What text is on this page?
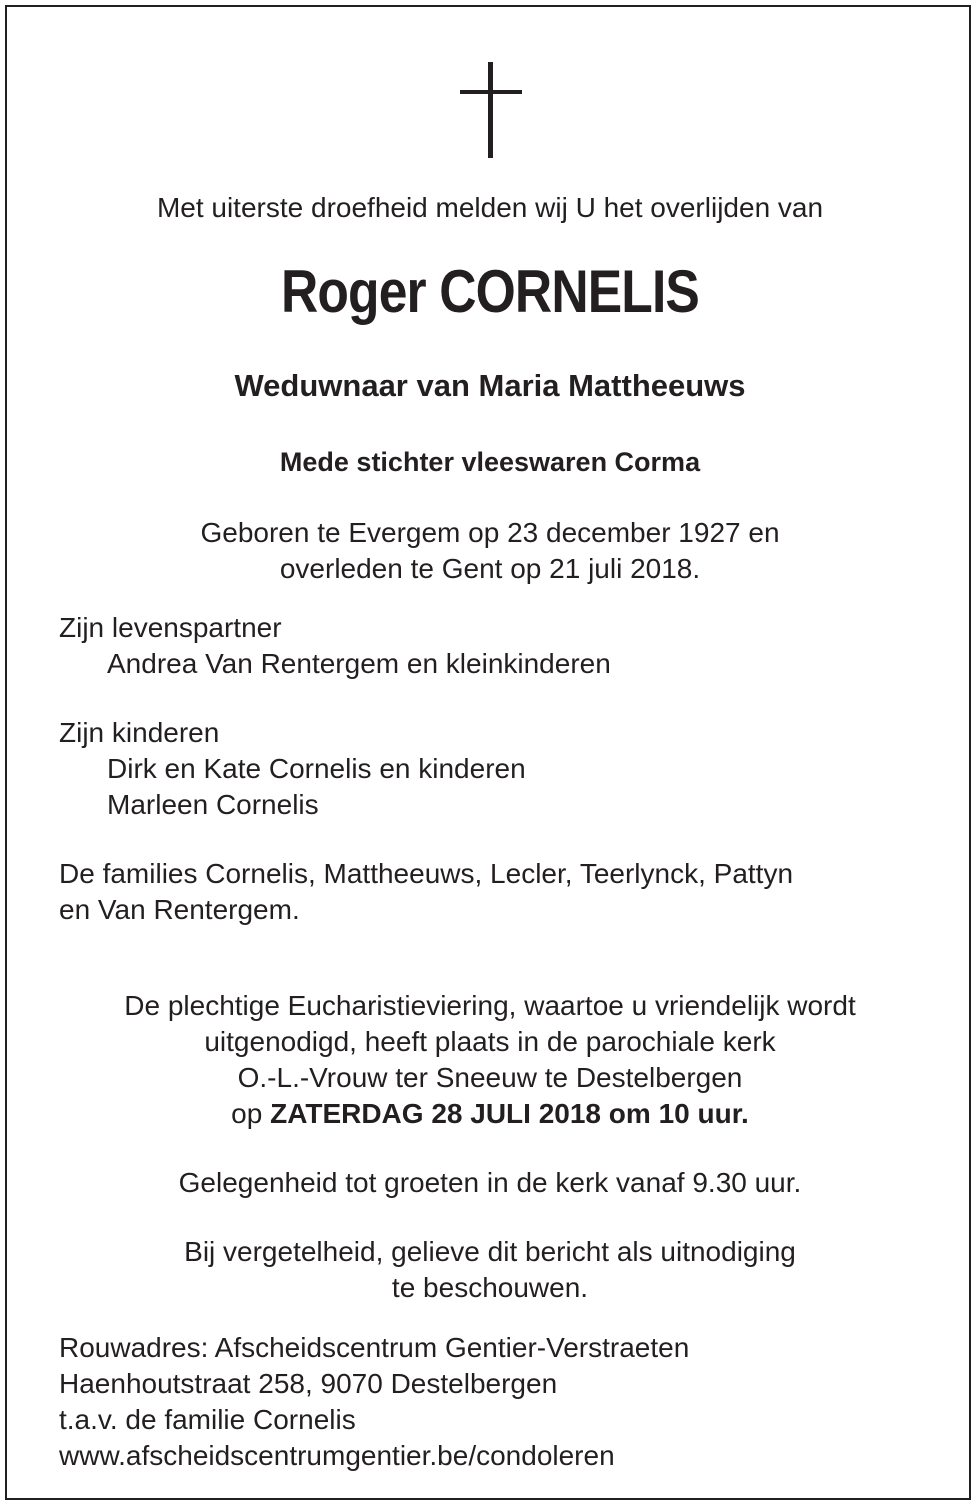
Met uiterste droefheid melden wij U het overlijden van
Roger CORNELIS
Weduwnaar van Maria Mattheeuws
Mede stichter vleeswaren Corma
Geboren te Evergem op 23 december 1927 en
overleden te Gent op 21 juli 2018.
Zijn levenspartner
Andrea Van Rentergem en kleinkinderen
Zijn kinderen
Dirk en Kate Cornelis en kinderen
Marleen Cornelis
De families Cornelis, Mattheeuws, Lecler, Teerlynck, Pattyn
en Van Rentergem.
De plechtige Eucharistieviering, waartoe u vriendelijk wordt
uitgenodigd, heeft plaats in de parochiale kerk
O.-L.-Vrouw ter Sneeuw te Destelbergen
op ZATERDAG 28 JULI 2018 om 10 uur.
Gelegenheid tot groeten in de kerk vanaf 9.30 uur.
Bij vergetelheid, gelieve dit bericht als uitnodiging
te beschouwen.
Rouwadres: Afscheidscentrum Gentier-Verstraeten
Haenhoutstraat 258, 9070 Destelbergen
t.a.v. de familie Cornelis
www.afscheidscentrumgentier.be/condoleren
